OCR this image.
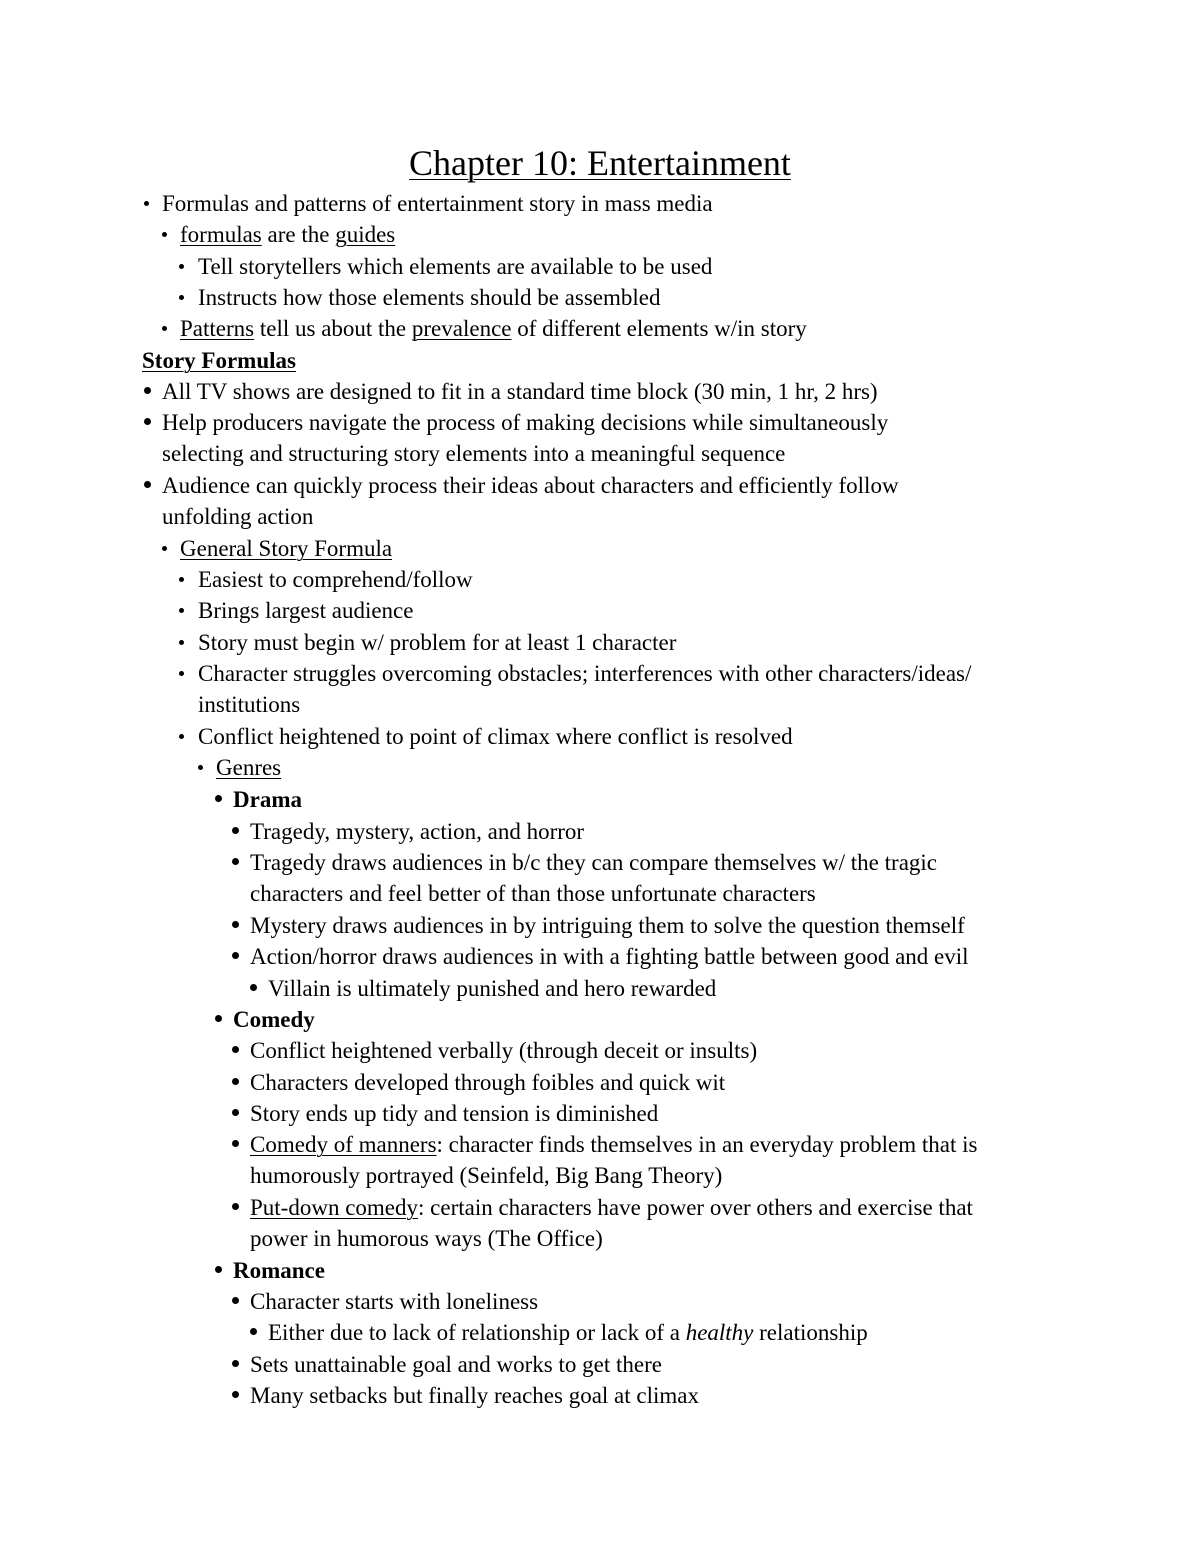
Chapter 10: Entertainment
Formulas and patterns of entertainment story in mass media
formulas are the guides
Tell storytellers which elements are available to be used
Instructs how those elements should be assembled
Patterns tell us about the prevalence of different elements w/in story
Story Formulas
All TV shows are designed to fit in a standard time block (30 min, 1 hr, 2 hrs)
Help producers navigate the process of making decisions while simultaneously
selecting and structuring story elements into a meaningful sequence
Audience can quickly process their ideas about characters and efficiently follow
unfolding action
General Story Formula
Easiest to comprehend/follow
Brings largest audience
Story must begin w/ problem for at least 1 character
Character struggles overcoming obstacles; interferences with other characters/ideas/
institutions
Conflict heightened to point of climax where conflict is resolved
Genres
Drama
Tragedy, mystery, action, and horror
Tragedy draws audiences in b/c they can compare themselves w/ the tragic
characters and feel better of than those unfortunate characters
Mystery draws audiences in by intriguing them to solve the question themself
Action/horror draws audiences in with a fighting battle between good and evil
Villain is ultimately punished and hero rewarded
Comedy
Conflict heightened verbally (through deceit or insults)
Characters developed through foibles and quick wit
Story ends up tidy and tension is diminished
Comedy of manners: character finds themselves in an everyday problem that is
humorously portrayed (Seinfeld, Big Bang Theory)
Put-down comedy: certain characters have power over others and exercise that
power in humorous ways (The Office)
Romance
Character starts with loneliness
Either due to lack of relationship or lack of a healthy relationship
Sets unattainable goal and works to get there
Many setbacks but finally reaches goal at climax
